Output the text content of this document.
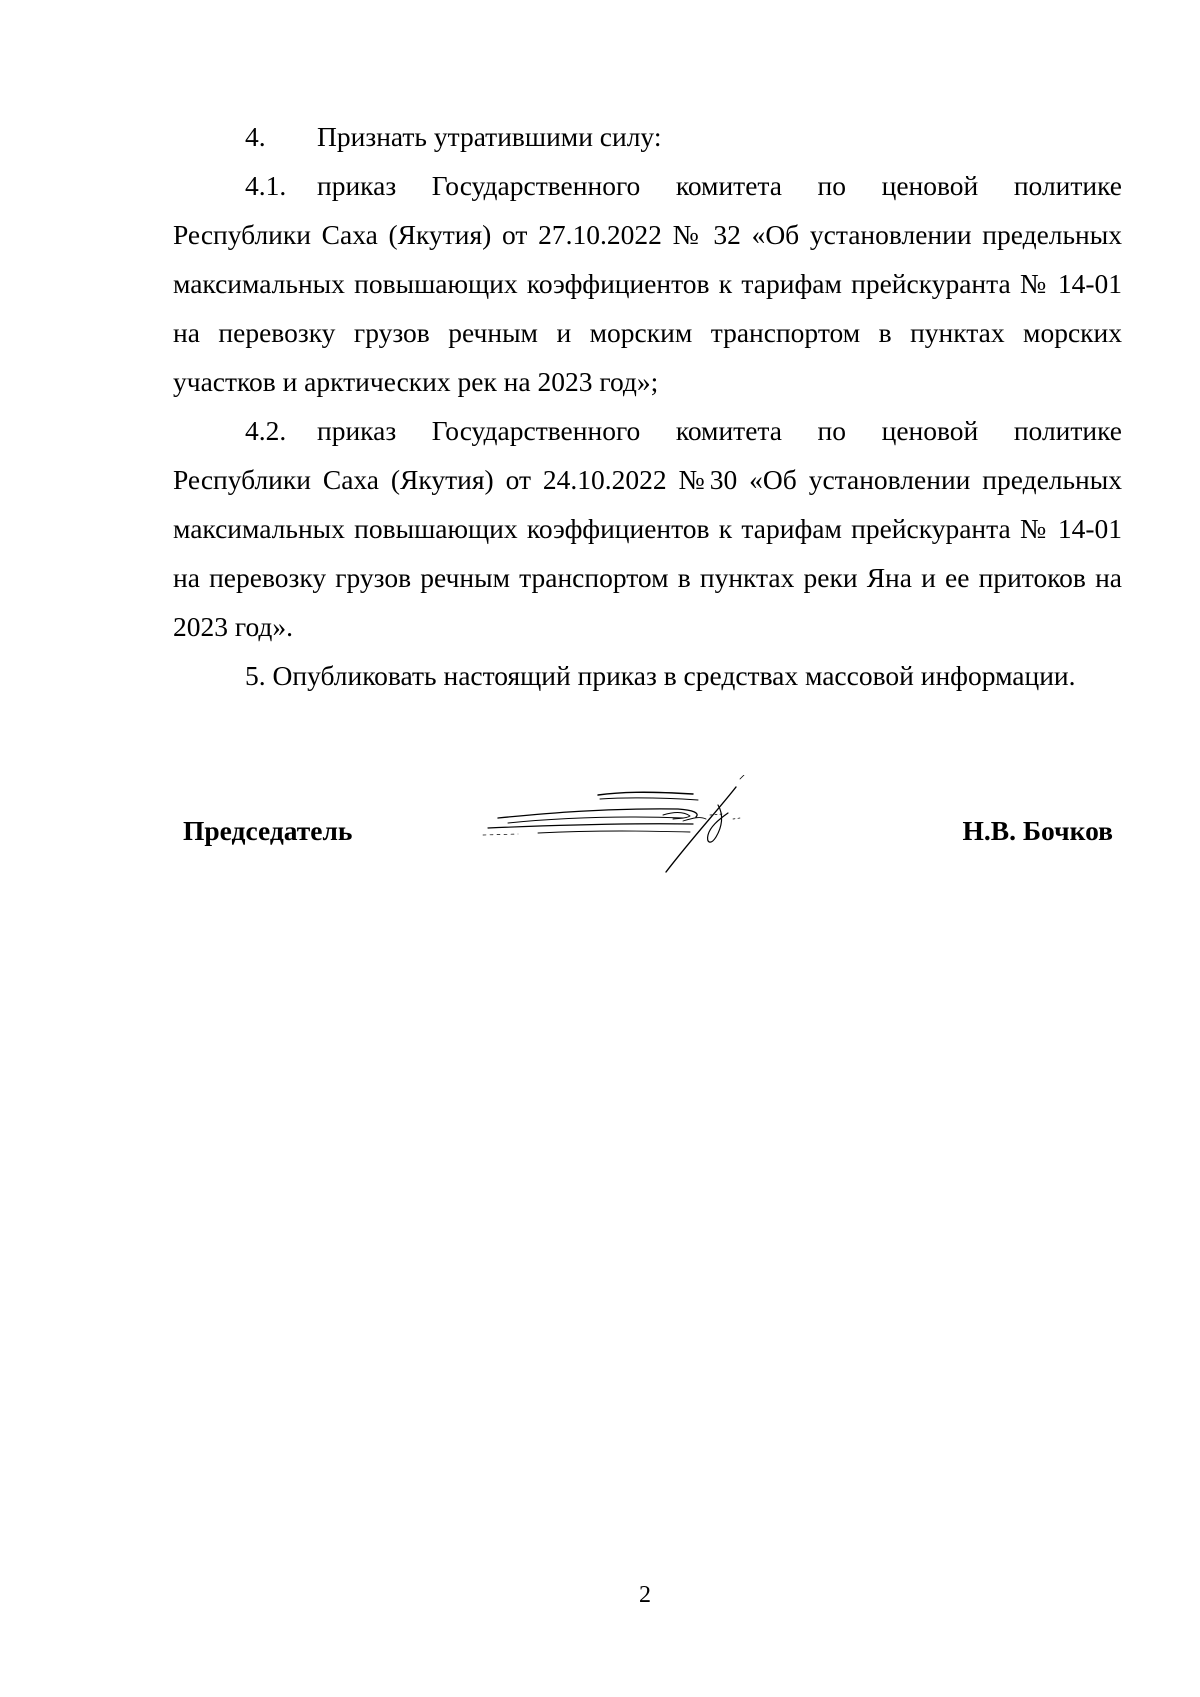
4. Признать утратившими силу:

4.1. приказ Государственного комитета по ценовой политике Республики Саха (Якутия) от 27.10.2022 № 32 «Об установлении предельных максимальных повышающих коэффициентов к тарифам прейскуранта № 14-01 на перевозку грузов речным и морским транспортом в пунктах морских участков и арктических рек на 2023 год»;

4.2. приказ Государственного комитета по ценовой политике Республики Саха (Якутия) от 24.10.2022 №30 «Об установлении предельных максимальных повышающих коэффициентов к тарифам прейскуранта № 14-01 на перевозку грузов речным транспортом в пунктах реки Яна и ее притоков на 2023 год».

5. Опубликовать настоящий приказ в средствах массовой информации.

Председатель	Н.В. Бочков
2
